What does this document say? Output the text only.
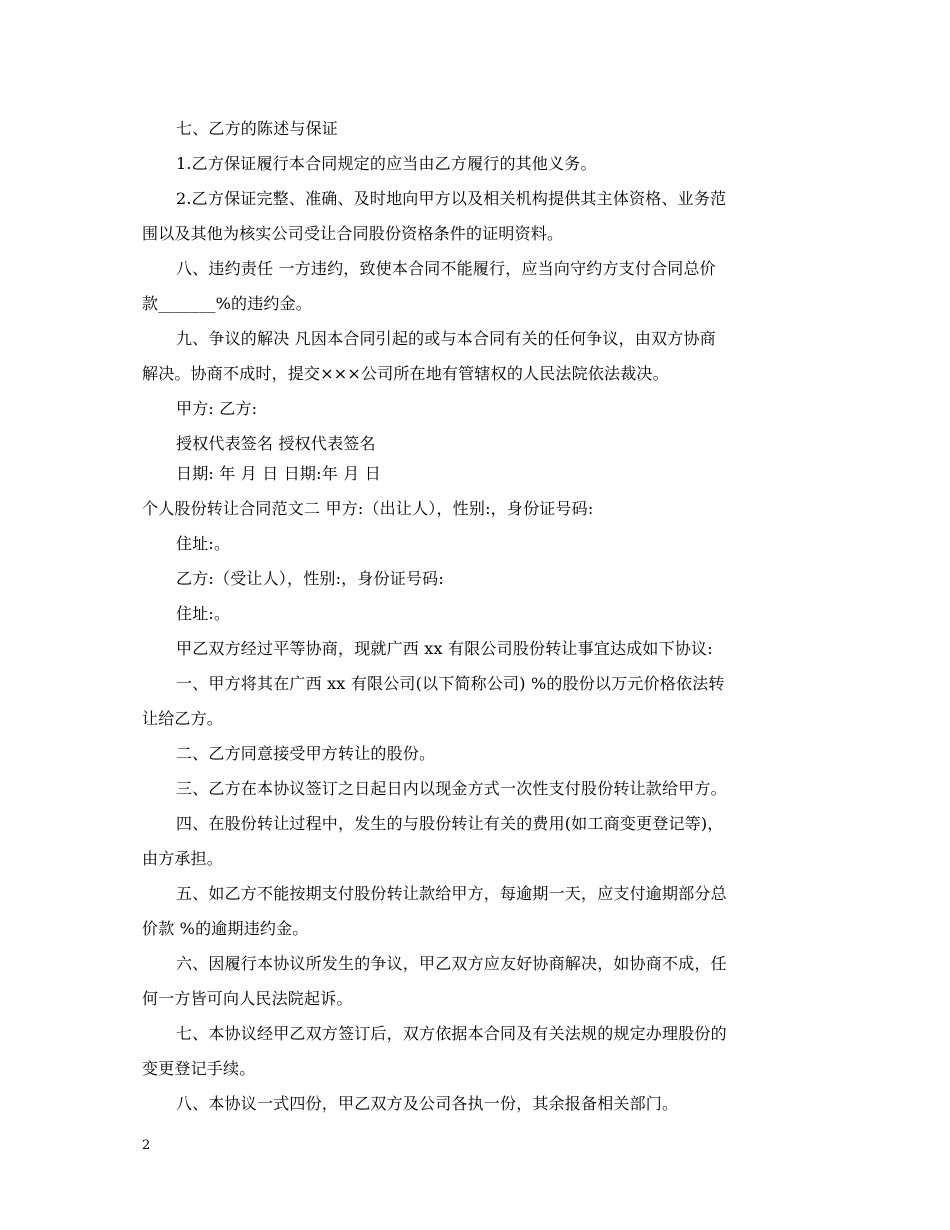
七、乙方的陈述与保证
1.乙方保证履行本合同规定的应当由乙方履行的其他义务。
2.乙方保证完整、准确、及时地向甲方以及相关机构提供其主体资格、业务范
围以及其他为核实公司受让合同股份资格条件的证明资料。
八、违约责任 一方违约，致使本合同不能履行，应当向守约方支付合同总价
款_______%的违约金。
九、争议的解决 凡因本合同引起的或与本合同有关的任何争议，由双方协商
解决。协商不成时，提交×××公司所在地有管辖权的人民法院依法裁决。
甲方: 乙方:
授权代表签名 授权代表签名
日期: 年 月 日 日期:年 月 日
个人股份转让合同范文二 甲方:（出让人），性别:，身份证号码:
住址:。
乙方:（受让人），性别:，身份证号码:
住址:。
甲乙双方经过平等协商，现就广西 xx 有限公司股份转让事宜达成如下协议:
一、甲方将其在广西 xx 有限公司(以下简称公司) %的股份以万元价格依法转
让给乙方。
二、乙方同意接受甲方转让的股份。
三、乙方在本协议签订之日起日内以现金方式一次性支付股份转让款给甲方。
四、在股份转让过程中，发生的与股份转让有关的费用(如工商变更登记等)，
由方承担。
五、如乙方不能按期支付股份转让款给甲方，每逾期一天，应支付逾期部分总
价款 %的逾期违约金。
六、因履行本协议所发生的争议，甲乙双方应友好协商解决，如协商不成，任
何一方皆可向人民法院起诉。
七、本协议经甲乙双方签订后，双方依据本合同及有关法规的规定办理股份的
变更登记手续。
八、本协议一式四份，甲乙双方及公司各执一份，其余报备相关部门。
2
